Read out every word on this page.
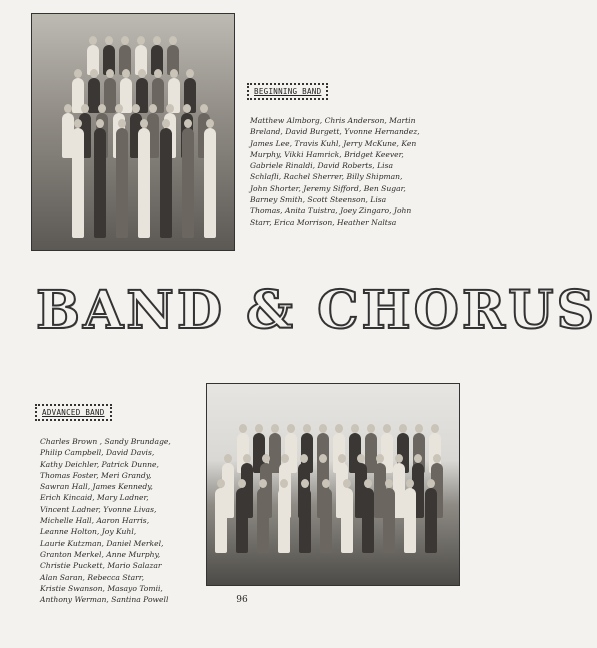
BEGINNING BAND
Matthew Almborg, Chris Anderson, Martin
Breland, David Burgett, Yvonne Hernandez,
James Lee, Travis Kuhl, Jerry McKune, Ken
Murphy, Vikki Hamrick, Bridget Keever,
Gabriele Rinaldi, David Roberts, Lisa
Schlafli, Rachel Sherrer, Billy Shipman,
John Shorter, Jeremy Sifford, Ben Sugar,
Barney Smith, Scott Steenson, Lisa
Thomas, Anita Tuistra, Joey Zingaro, John
Starr, Erica Morrison, Heather Naltsa
BAND & CHORUS
ADVANCED BAND
Charles Brown , Sandy Brundage,
Philip Campbell, David Davis,
Kathy Deichler, Patrick Dunne,
Thomas Foster, Meri Grandy,
Sawran Hall, James Kennedy,
Erich Kincaid, Mary Ladner,
Vincent Ladner, Yvonne Livas,
Michelle Hall, Aaron Harris,
Leanne Holton, Joy Kuhl,
Laurie Kutzman, Daniel Merkel,
Granton Merkel, Anne Murphy,
Christie Puckett, Mario Salazar
Alan Saran, Rebecca Starr,
Kristie Swanson, Masayo Tomii,
Anthony Werman, Santina Powell	96
